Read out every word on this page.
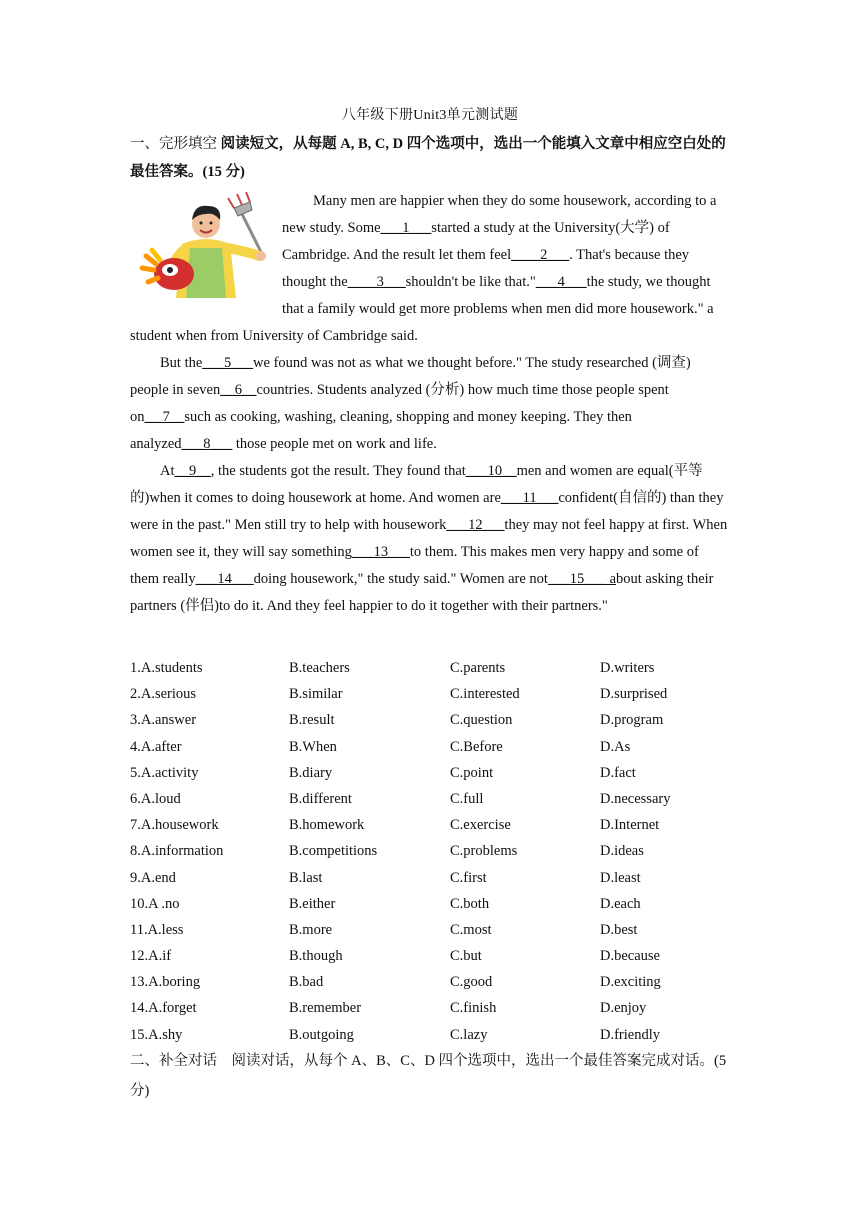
八年级下册Unit3单元测试题
一、完形填空 阅读短文，从每题 A, B, C, D 四个选项中，选出一个能填入文章中相应空白处的最佳答案。(15 分)

Many men are happier when they do some housework, according to a new study. Some___1___started a study at the University(大学) of Cambridge. And the result let them feel____2___. That's because they thought the____3___shouldn't be like that."___4___the study, we thought that a family would get more problems when men did more housework." a student when from University of Cambridge said.

But the___5___we found was not as what we thought before." The study researched (调查) people in seven__6__countries. Students analyzed (分析) how much time those people spent on__ 7__such as cooking, washing, cleaning, shopping and money keeping. They then analyzed___8___ those people met on work and life.

At__9__, the students got the result. They found that___10__men and women are equal(平等的)when it comes to doing housework at home. And women are___11___confident(自信的) than they were in the past." Men still try to help with housework___12___they may not feel happy at first. When women see it, they will say something___13___to them. This makes men very happy and some of them really___14___doing housework," the study said." Women are not___15___ about asking their partners (伴侣)to do it. And they feel happier to do it together with their partners."

1.A.students	B.teachers	C.parents	D.writers
2.A.serious	B.similar	C.interested	D.surprised
3.A.answer	B.result	C.question	D.program
4.A.after	B.When	C.Before	D.As
5.A.activity	B.diary	C.point	D.fact
6.A.loud	B.different	C.full	D.necessary
7.A.housework	B.homework	C.exercise	D.Internet
8.A.information	B.competitions	C.problems	D.ideas
9.A.end	B.last	C.first	D.least
10.A .no	B.either	C.both	D.each
11.A.less	B.more	C.most	D.best
12.A.if	B.though	C.but	D.because
13.A.boring	B.bad	C.good	D.exciting
14.A.forget	B.remember	C.finish	D.enjoy
15.A.shy	B.outgoing	C.lazy	D.friendly
二、补全对话　阅读对话，从每个 A、B、C、D 四个选项中，选出一个最佳答案完成对话。(5 分)
